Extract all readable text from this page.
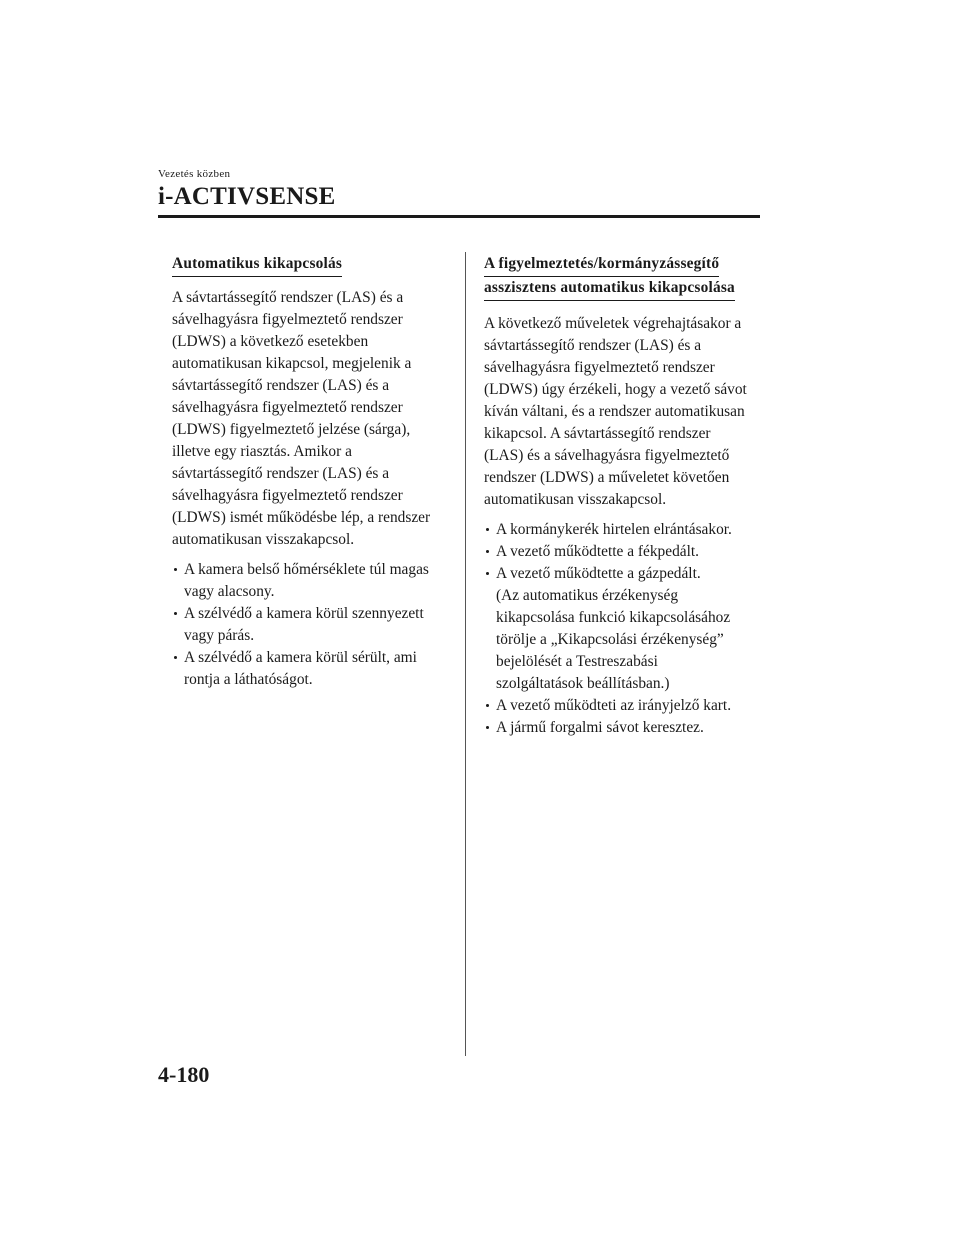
Vezetés közben
i-ACTIVSENSE
Automatikus kikapcsolás
A sávtartássegítő rendszer (LAS) és a
sávelhagyásra figyelmeztető rendszer
(LDWS) a következő esetekben
automatikusan kikapcsol, megjelenik a
sávtartássegítő rendszer (LAS) és a
sávelhagyásra figyelmeztető rendszer
(LDWS) figyelmeztető jelzése (sárga),
illetve egy riasztás. Amikor a
sávtartássegítő rendszer (LAS) és a
sávelhagyásra figyelmeztető rendszer
(LDWS) ismét működésbe lép, a rendszer
automatikusan visszakapcsol.
A kamera belső hőmérséklete túl magas
vagy alacsony.
A szélvédő a kamera körül szennyezett
vagy párás.
A szélvédő a kamera körül sérült, ami
rontja a láthatóságot.
A figyelmeztetés/kormányzássegítő
asszisztens automatikus kikapcsolása
A következő műveletek végrehajtásakor a
sávtartássegítő rendszer (LAS) és a
sávelhagyásra figyelmeztető rendszer
(LDWS) úgy érzékeli, hogy a vezető sávot
kíván váltani, és a rendszer automatikusan
kikapcsol. A sávtartássegítő rendszer
(LAS) és a sávelhagyásra figyelmeztető
rendszer (LDWS) a műveletet követően
automatikusan visszakapcsol.
A kormánykerék hirtelen elrántásakor.
A vezető működtette a fékpedált.
A vezető működtette a gázpedált.
(Az automatikus érzékenység
kikapcsolása funkció kikapcsolásához
törölje a „Kikapcsolási érzékenység”
bejelölését a Testreszabási
szolgáltatások beállításban.)
A vezető működteti az irányjelző kart.
A jármű forgalmi sávot keresztez.
4-180
